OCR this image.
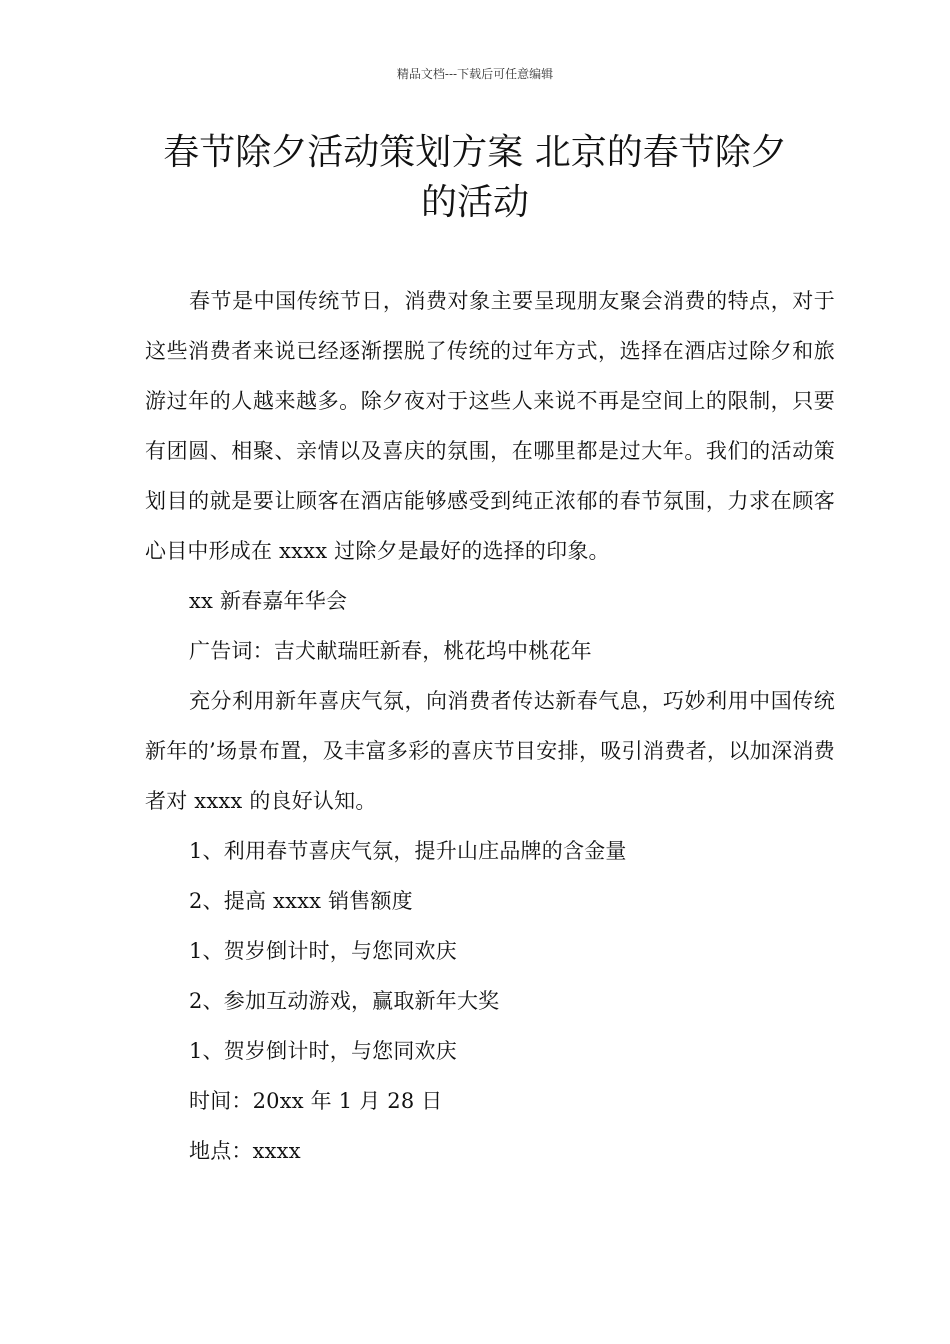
精品文档---下载后可任意编辑
春节除夕活动策划方案 北京的春节除夕的活动

春节是中国传统节日，消费对象主要呈现朋友聚会消费的特点，对于这些消费者来说已经逐渐摆脱了传统的过年方式，选择在酒店过除夕和旅游过年的人越来越多。除夕夜对于这些人来说不再是空间上的限制，只要有团圆、相聚、亲情以及喜庆的氛围，在哪里都是过大年。我们的活动策划目的就是要让顾客在酒店能够感受到纯正浓郁的春节氛围，力求在顾客心目中形成在 xxxx 过除夕是最好的选择的印象。

xx 新春嘉年华会

广告词：吉犬献瑞旺新春，桃花坞中桃花年

充分利用新年喜庆气氛，向消费者传达新春气息，巧妙利用中国传统新年的’场景布置，及丰富多彩的喜庆节目安排，吸引消费者，以加深消费者对 xxxx 的良好认知。

1、利用春节喜庆气氛，提升山庄品牌的含金量

2、提高 xxxx 销售额度

1、贺岁倒计时，与您同欢庆

2、参加互动游戏，赢取新年大奖

1、贺岁倒计时，与您同欢庆

时间：20xx 年 1 月 28 日

地点：xxxx
